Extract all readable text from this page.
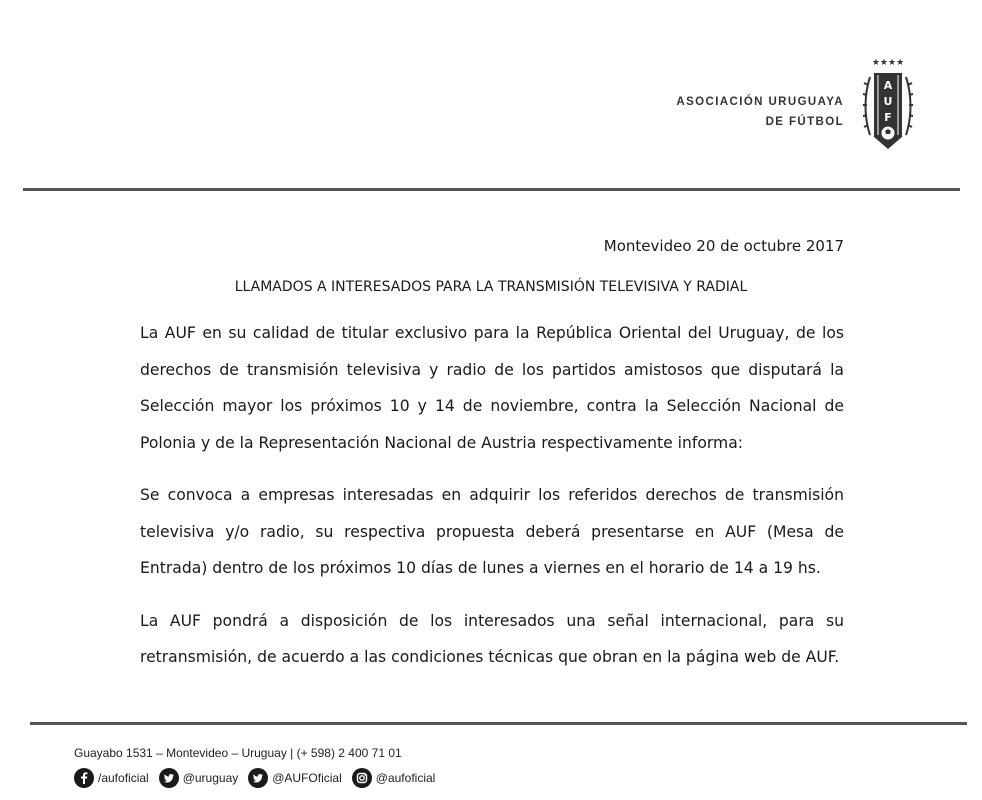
ASOCIACIÓN URUGUAYA
DE FÚTBOL
★★★★
A
U
F
Montevideo 20 de octubre 2017
LLAMADOS A INTERESADOS PARA LA TRANSMISIÓN TELEVISIVA Y RADIAL

La AUF en su calidad de titular exclusivo para la República Oriental del Uruguay, de los derechos de transmisión televisiva y radio de los partidos amistosos que disputará la Selección mayor los próximos 10 y 14 de noviembre, contra la Selección Nacional de Polonia y de la Representación Nacional de Austria respectivamente informa:

Se convoca a empresas interesadas en adquirir los referidos derechos de transmisión televisiva y/o radio, su respectiva propuesta deberá presentarse en AUF (Mesa de Entrada) dentro de los próximos 10 días de lunes a viernes en el horario de 14 a 19 hs.

La AUF pondrá a disposición de los interesados una señal internacional, para su retransmisión, de acuerdo a las condiciones técnicas que obran en la página web de AUF.

Guayabo 1531 – Montevideo – Uruguay | (+ 598) 2 400 71 01
/aufoficial	@uruguay	@AUFOficial	@aufoficial
